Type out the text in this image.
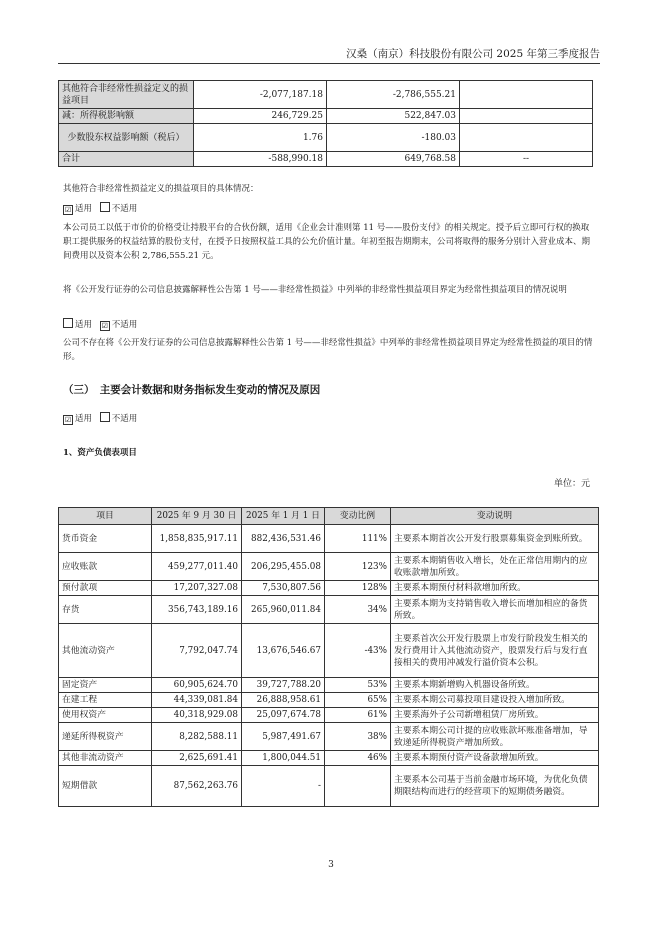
汉桑（南京）科技股份有限公司 2025 年第三季度报告
其他符合非经常性损益定义的损益项目	-2,077,187.18	-2,786,555.21	
减：所得税影响额	246,729.25	522,847.03	
少数股东权益影响额（税后）	1.76	-180.03	
合计	-588,990.18	649,768.58	--
其他符合非经常性损益定义的损益项目的具体情况：
☑ 适用 不适用
本公司员工以低于市价的价格受让持股平台的合伙份额，适用《企业会计准则第 11 号——股份支付》的相关规定。授予后立即可行权的换取职工提供服务的权益结算的股份支付，在授予日按照权益工具的公允价值计量。年初至报告期期末，公司将取得的服务分别计入营业成本、期间费用以及资本公积 2,786,555.21 元。
将《公开发行证券的公司信息披露解释性公告第 1 号——非经常性损益》中列举的非经常性损益项目界定为经常性损益项目的情况说明
适用 ☑ 不适用
公司不存在将《公开发行证券的公司信息披露解释性公告第 1 号——非经常性损益》中列举的非经常性损益项目界定为经常性损益的项目的情形。
（三）　主要会计数据和财务指标发生变动的情况及原因
☑ 适用 不适用
1、资产负债表项目
单位：元
项目	2025 年 9 月 30 日	2025 年 1 月 1 日	变动比例	变动说明
货币资金	1,858,835,917.11	882,436,531.46	111%	主要系本期首次公开发行股票募集资金到账所致。
应收账款	459,277,011.40	206,295,455.08	123%	主要系本期销售收入增长，处在正常信用期内的应收账款增加所致。
预付款项	17,207,327.08	7,530,807.56	128%	主要系本期预付材料款增加所致。
存货	356,743,189.16	265,960,011.84	34%	主要系本期为支持销售收入增长而增加相应的备货所致。
其他流动资产	7,792,047.74	13,676,546.67	-43%	主要系首次公开发行股票上市发行阶段发生相关的发行费用计入其他流动资产，股票发行后与发行直接相关的费用冲减发行溢价资本公积。
固定资产	60,905,624.70	39,727,788.20	53%	主要系本期新增购入机器设备所致。
在建工程	44,339,081.84	26,888,958.61	65%	主要系本期公司募投项目建设投入增加所致。
使用权资产	40,318,929.08	25,097,674.78	61%	主要系海外子公司新增租赁厂房所致。
递延所得税资产	8,282,588.11	5,987,491.67	38%	主要系本期公司计提的应收账款坏账准备增加，导致递延所得税资产增加所致。
其他非流动资产	2,625,691.41	1,800,044.51	46%	主要系本期预付资产设备款增加所致。
短期借款	87,562,263.76	-		主要系本公司基于当前金融市场环境，为优化负债期限结构而进行的经营项下的短期债务融资。
3
